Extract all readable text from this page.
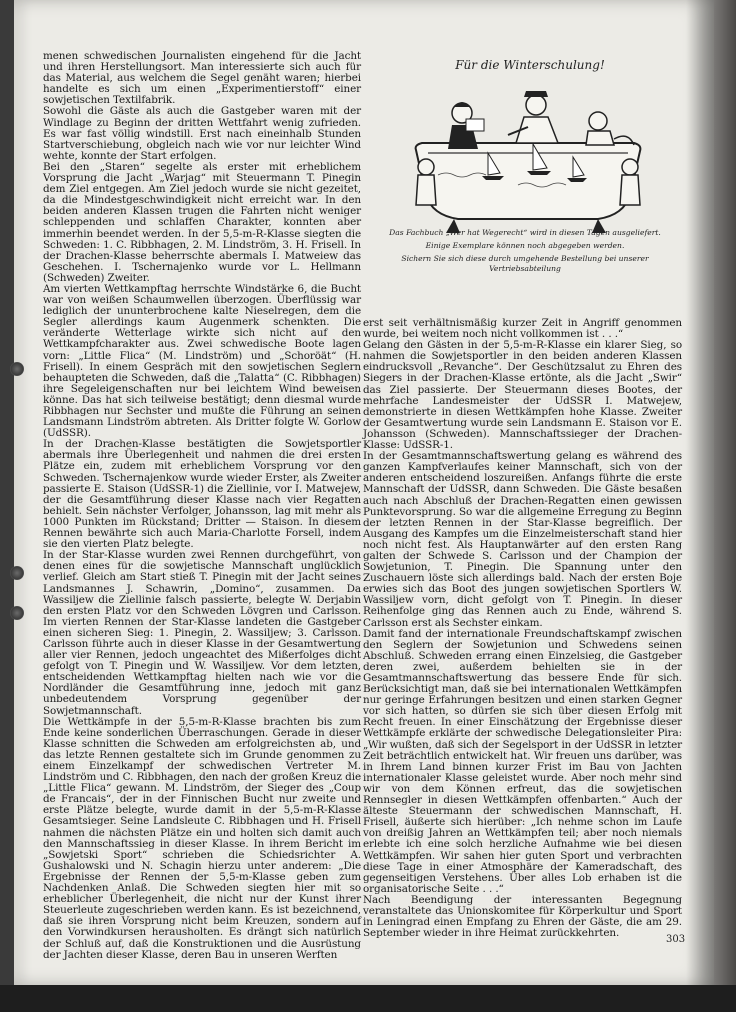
menen schwedischen Journalisten eingehend für die Jacht und ihren Herstellungsort. Man interessierte sich auch für das Material, aus welchem die Segel genäht waren; hierbei handelte es sich um einen „Experimentierstoff“ einer sowjetischen Textilfabrik.

Sowohl die Gäste als auch die Gastgeber waren mit der Windlage zu Beginn der dritten Wettfahrt wenig zufrieden. Es war fast völlig windstill. Erst nach eineinhalb Stunden Startverschiebung, obgleich nach wie vor nur leichter Wind wehte, konnte der Start erfolgen.

Bei den „Staren“ segelte als erster mit erheblichem Vorsprung die Jacht „Warjag“ mit Steuermann T. Pinegin dem Ziel entgegen. Am Ziel jedoch wurde sie nicht gezeitet, da die Mindestgeschwindigkeit nicht erreicht war. In den beiden anderen Klassen trugen die Fahrten nicht weniger schleppenden und schlaffen Charakter, konnten aber immerhin beendet werden. In der 5,5-m-R-Klasse siegten die Schweden: 1. C. Ribbhagen, 2. M. Lindström, 3. H. Frisell. In der Drachen-Klasse beherrschte abermals I. Matweiew das Geschehen. I. Tschernajenko wurde vor L. Hellmann (Schweden) Zweiter.

Am vierten Wettkampftag herrschte Windstärke 6, die Bucht war von weißen Schaumwellen überzogen. Überflüssig war lediglich der ununterbrochene kalte Nieselregen, dem die Segler allerdings kaum Augenmerk schenkten. Die veränderte Wetterlage wirkte sich nicht auf den Wettkampfcharakter aus. Zwei schwedische Boote lagen vorn: „Little Flica“ (M. Lindström) und „Schoröät“ (H. Frisell). In einem Gespräch mit den sowjetischen Seglern behaupteten die Schweden, daß die „Talatta“ (C. Ribbhagen) ihre Segeleigenschaften nur bei leichtem Wind beweisen könne. Das hat sich teilweise bestätigt; denn diesmal wurde Ribbhagen nur Sechster und mußte die Führung an seinen Landsmann Lindström abtreten. Als Dritter folgte W. Gorlow (UdSSR).

In der Drachen-Klasse bestätigten die Sowjetsportler abermals ihre Überlegenheit und nahmen die drei ersten Plätze ein, zudem mit erheblichem Vorsprung vor den Schweden. Tschernajenkow wurde wieder Erster, als Zweiter passierte E. Staison (UdSSR-1) die Ziellinie, vor I. Matwejew, der die Gesamtführung dieser Klasse nach vier Regatten behielt. Sein nächster Verfolger, Johansson, lag mit mehr als 1000 Punkten im Rückstand; Dritter — Staison. In diesem Rennen bewährte sich auch Maria-Charlotte Forsell, indem sie den vierten Platz belegte.

In der Star-Klasse wurden zwei Rennen durchgeführt, von denen eines für die sowjetische Mannschaft unglücklich verlief. Gleich am Start stieß T. Pinegin mit der Jacht seines Landsmannes J. Schawrin, „Domino“, zusammen. Da Wassiljew die Ziellinie falsch passierte, belegte W. Derjabin den ersten Platz vor den Schweden Lövgren und Carlsson. Im vierten Rennen der Star-Klasse landeten die Gastgeber einen sicheren Sieg: 1. Pinegin, 2. Wassiljew; 3. Carlsson. Carlsson führte auch in dieser Klasse in der Gesamtwertung aller vier Rennen, jedoch ungeachtet des Mißerfolges dicht gefolgt von T. Pinegin und W. Wassiljew. Vor dem letzten, entscheidenden Wettkampftag hielten nach wie vor die Nordländer die Gesamtführung inne, jedoch mit ganz unbedeutendem Vorsprung gegenüber der Sowjetmannschaft.

Die Wettkämpfe in der 5,5-m-R-Klasse brachten bis zum Ende keine sonderlichen Überraschungen. Gerade in dieser Klasse schnitten die Schweden am erfolgreichsten ab, und das letzte Rennen gestaltete sich im Grunde genommen zu einem Einzelkampf der schwedischen Vertreter M. Lindström und C. Ribbhagen, den nach der großen Kreuz die „Little Flica“ gewann. M. Lindström, der Sieger des „Coup de Francais“, der in der Finnischen Bucht nur zweite und erste Plätze belegte, wurde damit in der 5,5-m-R-Klasse Gesamtsieger. Seine Landsleute C. Ribbhagen und H. Frisell nahmen die nächsten Plätze ein und holten sich damit auch den Mannschaftssieg in dieser Klasse. In ihrem Bericht im „Sowjetski Sport“ schrieben die Schiedsrichter A. Gushalowski und N. Schagin hierzu unter anderem: „Die Ergebnisse der Rennen der 5,5-m-Klasse geben zum Nachdenken Anlaß. Die Schweden siegten hier mit so erheblicher Überlegenheit, die nicht nur der Kunst ihrer Steuerleute zugeschrieben werden kann. Es ist bezeichnend, daß sie ihren Vorsprung nicht beim Kreuzen, sondern auf den Vorwindkursen herausholten. Es drängt sich natürlich der Schluß auf, daß die Konstruktionen und die Ausrüstung der Jachten dieser Klasse, deren Bau in unseren Werften

Für die Winterschulung!
Das Fachbuch „Wer hat Wegerecht“ wird in diesen Tagen ausgeliefert.
Einige Exemplare können noch abgegeben werden.
Sichern Sie sich diese durch umgehende Bestellung bei unserer Vertriebsabteilung

erst seit verhältnismäßig kurzer Zeit in Angriff genommen wurde, bei weitem noch nicht vollkommen ist . . .“

Gelang den Gästen in der 5,5-m-R-Klasse ein klarer Sieg, so nahmen die Sowjetsportler in den beiden anderen Klassen eindrucksvoll „Revanche“. Der Geschützsalut zu Ehren des Siegers in der Drachen-Klasse ertönte, als die Jacht „Swir“ das Ziel passierte. Der Steuermann dieses Bootes, der mehrfache Landesmeister der UdSSR I. Matwejew, demonstrierte in diesen Wettkämpfen hohe Klasse. Zweiter der Gesamtwertung wurde sein Landsmann E. Staison vor E. Johansson (Schweden). Mannschaftssieger der Drachen-Klasse: UdSSR-1.

In der Gesamtmannschaftswertung gelang es während des ganzen Kampfverlaufes keiner Mannschaft, sich von der anderen entscheidend loszureißen. Anfangs führte die erste Mannschaft der UdSSR, dann Schweden. Die Gäste besaßen auch nach Abschluß der Drachen-Regatten einen gewissen Punktevorsprung. So war die allgemeine Erregung zu Beginn der letzten Rennen in der Star-Klasse begreiflich. Der Ausgang des Kampfes um die Einzelmeisterschaft stand hier noch nicht fest. Als Hauptanwärter auf den ersten Rang galten der Schwede S. Carlsson und der Champion der Sowjetunion, T. Pinegin. Die Spannung unter den Zuschauern löste sich allerdings bald. Nach der ersten Boje erwies sich das Boot des jungen sowjetischen Sportlers W. Wassiljew vorn, dicht gefolgt von T. Pinegin. In dieser Reihenfolge ging das Rennen auch zu Ende, während S. Carlsson erst als Sechster einkam.

Damit fand der internationale Freundschaftskampf zwischen den Seglern der Sowjetunion und Schwedens seinen Abschluß. Schweden errang einen Einzelsieg, die Gastgeber deren zwei, außerdem behielten sie in der Gesamtmannschaftswertung das bessere Ende für sich. Berücksichtigt man, daß sie bei internationalen Wettkämpfen nur geringe Erfahrungen besitzen und einen starken Gegner vor sich hatten, so dürfen sie sich über diesen Erfolg mit Recht freuen. In einer Einschätzung der Ergebnisse dieser Wettkämpfe erklärte der schwedische Delegationsleiter Pira: „Wir wußten, daß sich der Segelsport in der UdSSR in letzter Zeit beträchtlich entwickelt hat. Wir freuen uns darüber, was in Ihrem Land binnen kurzer Frist im Bau von Jachten internationaler Klasse geleistet wurde. Aber noch mehr sind wir von dem Können erfreut, das die sowjetischen Rennsegler in diesen Wettkämpfen offenbarten.“ Auch der älteste Steuermann der schwedischen Mannschaft, H. Frisell, äußerte sich hierüber: „Ich nehme schon im Laufe von dreißig Jahren an Wettkämpfen teil; aber noch niemals erlebte ich eine solch herzliche Aufnahme wie bei diesen Wettkämpfen. Wir sahen hier guten Sport und verbrachten diese Tage in einer Atmosphäre der Kameradschaft, des gegenseitigen Verstehens. Über alles Lob erhaben ist die organisatorische Seite . . .“

Nach Beendigung der interessanten Begegnung veranstaltete das Unionskomitee für Körperkultur und Sport in Leningrad einen Empfang zu Ehren der Gäste, die am 29. September wieder in ihre Heimat zurückkehrten.

303
